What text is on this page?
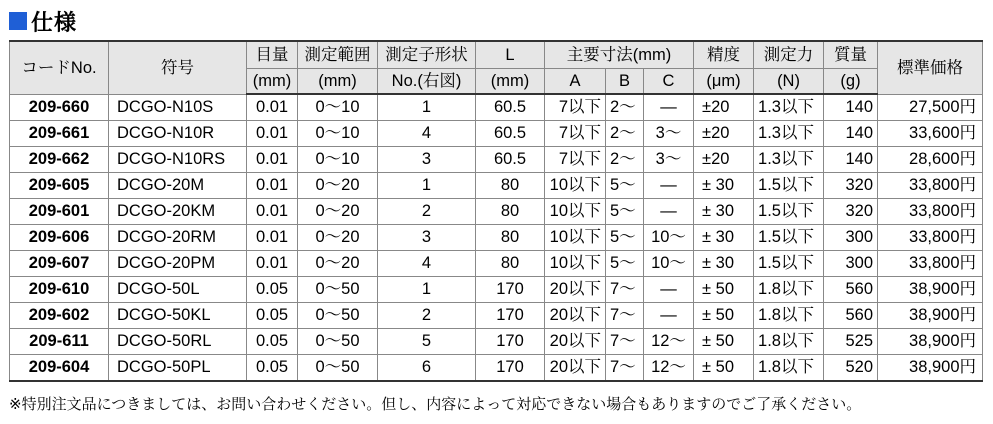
仕様
コードNo.	符号	目量	測定範囲	測定子形状	L	主要寸法(mm)			精度	測定力	質量	標準価格
		(mm)	(mm)	No.(右図)	(mm)	A	B	C	(μm)	(N)	(g)	
209-660	DCGO-N10S	0.01	0〜10	1	60.5	7以下	2〜	—	±20	1.3以下	140	27,500円
209-661	DCGO-N10R	0.01	0〜10	4	60.5	7以下	2〜	3〜	±20	1.3以下	140	33,600円
209-662	DCGO-N10RS	0.01	0〜10	3	60.5	7以下	2〜	3〜	±20	1.3以下	140	28,600円
209-605	DCGO-20M	0.01	0〜20	1	80	10以下	5〜	—	± 30	1.5以下	320	33,800円
209-601	DCGO-20KM	0.01	0〜20	2	80	10以下	5〜	—	± 30	1.5以下	320	33,800円
209-606	DCGO-20RM	0.01	0〜20	3	80	10以下	5〜	10〜	± 30	1.5以下	300	33,800円
209-607	DCGO-20PM	0.01	0〜20	4	80	10以下	5〜	10〜	± 30	1.5以下	300	33,800円
209-610	DCGO-50L	0.05	0〜50	1	170	20以下	7〜	—	± 50	1.8以下	560	38,900円
209-602	DCGO-50KL	0.05	0〜50	2	170	20以下	7〜	—	± 50	1.8以下	560	38,900円
209-611	DCGO-50RL	0.05	0〜50	5	170	20以下	7〜	12〜	± 50	1.8以下	525	38,900円
209-604	DCGO-50PL	0.05	0〜50	6	170	20以下	7〜	12〜	± 50	1.8以下	520	38,900円
※特別注文品につきましては、お問い合わせください。但し、内容によって対応できない場合もありますのでご了承ください。
